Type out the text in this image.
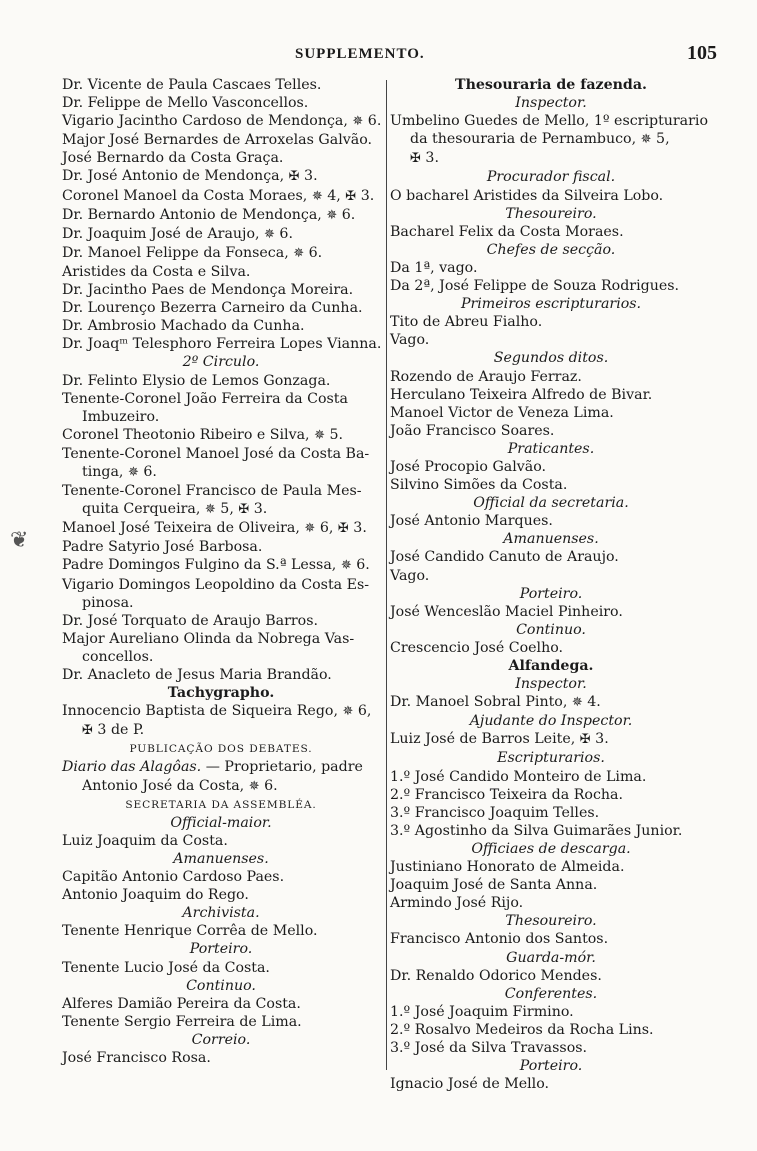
SUPPLEMENTO.	105
❦
Dr. Vicente de Paula Cascaes Telles.
Dr. Felippe de Mello Vasconcellos.
Vigario Jacintho Cardoso de Mendonça, ✵ 6.
Major José Bernardes de Arroxelas Galvão.
José Bernardo da Costa Graça.
Dr. José Antonio de Mendonça, ✠ 3.
Coronel Manoel da Costa Moraes, ✵ 4, ✠ 3.
Dr. Bernardo Antonio de Mendonça, ✵ 6.
Dr. Joaquim José de Araujo, ✵ 6.
Dr. Manoel Felippe da Fonseca, ✵ 6.
Aristides da Costa e Silva.
Dr. Jacintho Paes de Mendonça Moreira.
Dr. Lourenço Bezerra Carneiro da Cunha.
Dr. Ambrosio Machado da Cunha.
Dr. Joaqᵐ Telesphoro Ferreira Lopes Vianna.
2º Circulo.
Dr. Felinto Elysio de Lemos Gonzaga.
Tenente-Coronel João Ferreira da Costa
Imbuzeiro.
Coronel Theotonio Ribeiro e Silva, ✵ 5.
Tenente-Coronel Manoel José da Costa Ba-
tinga, ✵ 6.
Tenente-Coronel Francisco de Paula Mes-
quita Cerqueira, ✵ 5, ✠ 3.
Manoel José Teixeira de Oliveira, ✵ 6, ✠ 3.
Padre Satyrio José Barbosa.
Padre Domingos Fulgino da S.ª Lessa, ✵ 6.
Vigario Domingos Leopoldino da Costa Es-
pinosa.
Dr. José Torquato de Araujo Barros.
Major Aureliano Olinda da Nobrega Vas-
concellos.
Dr. Anacleto de Jesus Maria Brandão.
Tachygrapho.
Innocencio Baptista de Siqueira Rego, ✵ 6,
✠ 3 de P.
PUBLICAÇÃO DOS DEBATES.
Diario das Alagôas. — Proprietario, padre
Antonio José da Costa, ✵ 6.
SECRETARIA DA ASSEMBLÉA.
Official-maior.
Luiz Joaquim da Costa.
Amanuenses.
Capitão Antonio Cardoso Paes.
Antonio Joaquim do Rego.
Archivista.
Tenente Henrique Corrêa de Mello.
Porteiro.
Tenente Lucio José da Costa.
Continuo.
Alferes Damião Pereira da Costa.
Tenente Sergio Ferreira de Lima.
Correio.
José Francisco Rosa.
Thesouraria de fazenda.
Inspector.
Umbelino Guedes de Mello, 1º escripturario
da thesouraria de Pernambuco, ✵ 5,
✠ 3.
Procurador fiscal.
O bacharel Aristides da Silveira Lobo.
Thesoureiro.
Bacharel Felix da Costa Moraes.
Chefes de secção.
Da 1ª, vago.
Da 2ª, José Felippe de Souza Rodrigues.
Primeiros escripturarios.
Tito de Abreu Fialho.
Vago.
Segundos ditos.
Rozendo de Araujo Ferraz.
Herculano Teixeira Alfredo de Bivar.
Manoel Victor de Veneza Lima.
João Francisco Soares.
Praticantes.
José Procopio Galvão.
Silvino Simões da Costa.
Official da secretaria.
José Antonio Marques.
Amanuenses.
José Candido Canuto de Araujo.
Vago.
Porteiro.
José Wenceslão Maciel Pinheiro.
Continuo.
Crescencio José Coelho.
Alfandega.
Inspector.
Dr. Manoel Sobral Pinto, ✵ 4.
Ajudante do Inspector.
Luiz José de Barros Leite, ✠ 3.
Escripturarios.
1.º José Candido Monteiro de Lima.
2.º Francisco Teixeira da Rocha.
3.º Francisco Joaquim Telles.
3.º Agostinho da Silva Guimarães Junior.
Officiaes de descarga.
Justiniano Honorato de Almeida.
Joaquim José de Santa Anna.
Armindo José Rijo.
Thesoureiro.
Francisco Antonio dos Santos.
Guarda-mór.
Dr. Renaldo Odorico Mendes.
Conferentes.
1.º José Joaquim Firmino.
2.º Rosalvo Medeiros da Rocha Lins.
3.º José da Silva Travassos.
Porteiro.
Ignacio José de Mello.
